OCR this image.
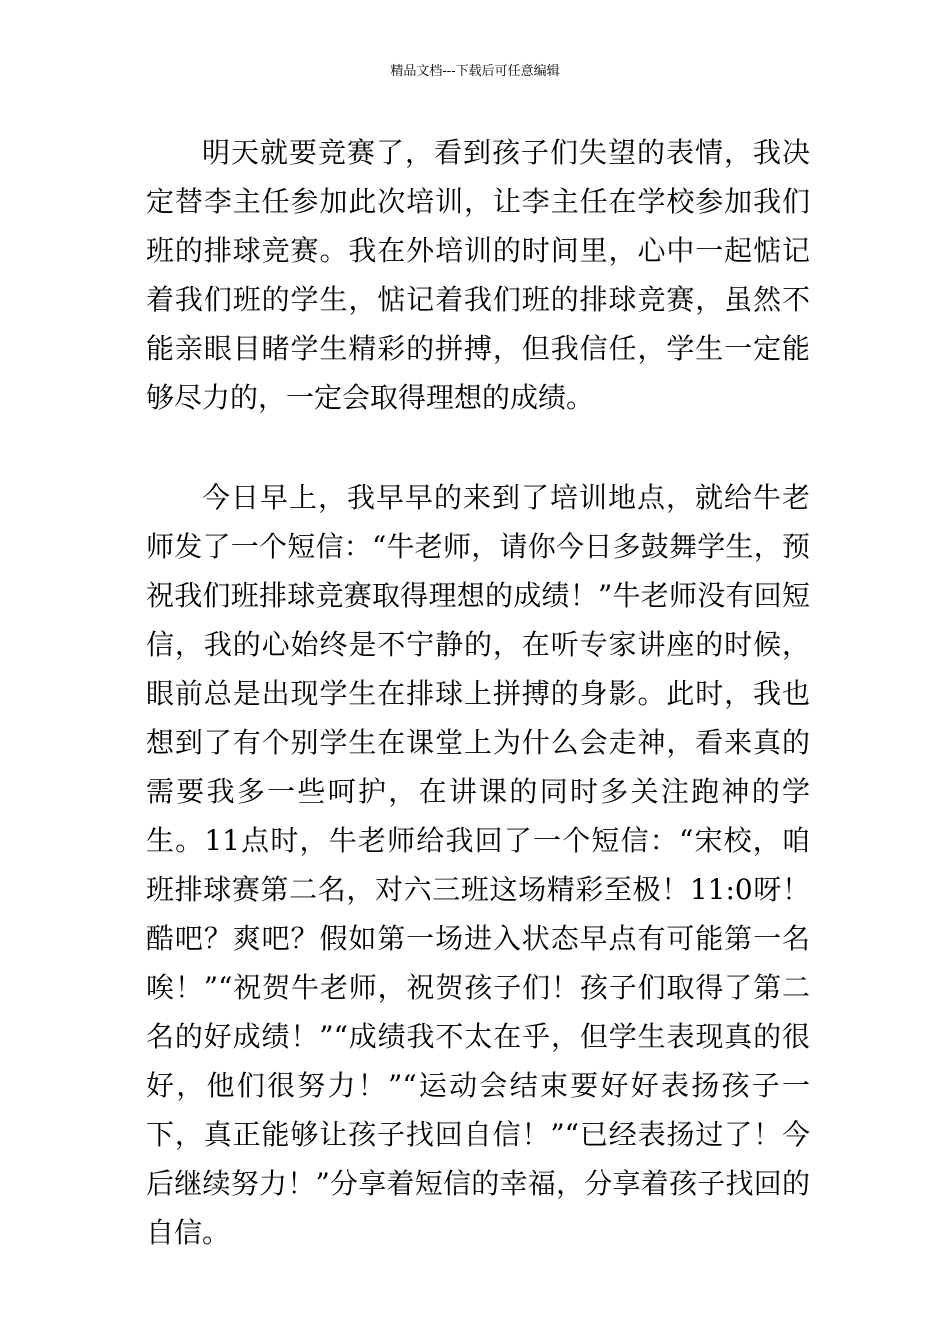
精品文档---下载后可任意编辑

明天就要竞赛了，看到孩子们失望的表情，我决定替李主任参加此次培训，让李主任在学校参加我们班的排球竞赛。我在外培训的时间里，心中一起惦记着我们班的学生，惦记着我们班的排球竞赛，虽然不能亲眼目睹学生精彩的拼搏，但我信任，学生一定能够尽力的，一定会取得理想的成绩。

今日早上，我早早的来到了培训地点，就给牛老师发了一个短信：“牛老师，请你今日多鼓舞学生，预祝我们班排球竞赛取得理想的成绩！”牛老师没有回短信，我的心始终是不宁静的，在听专家讲座的时候，眼前总是出现学生在排球上拼搏的身影。此时，我也想到了有个别学生在课堂上为什么会走神，看来真的需要我多一些呵护，在讲课的同时多关注跑神的学生。11点时，牛老师给我回了一个短信：“宋校，咱班排球赛第二名，对六三班这场精彩至极！11:0呀！酷吧？爽吧？假如第一场进入状态早点有可能第一名唉！”“祝贺牛老师，祝贺孩子们！孩子们取得了第二名的好成绩！”“成绩我不太在乎，但学生表现真的很好，他们很努力！”“运动会结束要好好表扬孩子一下，真正能够让孩子找回自信！”“已经表扬过了！今后继续努力！”分享着短信的幸福，分享着孩子找回的自信。
